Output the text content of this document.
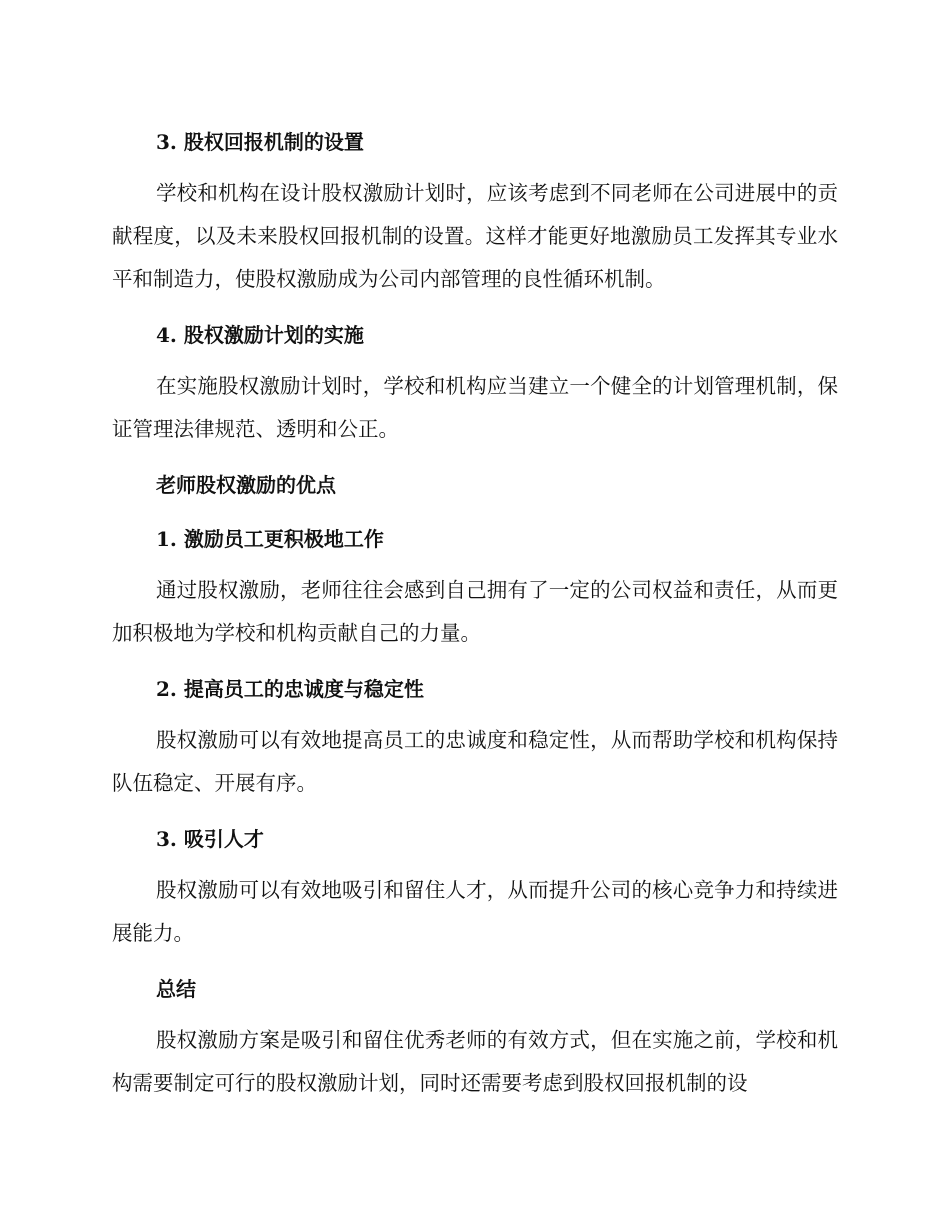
3. 股权回报机制的设置

学校和机构在设计股权激励计划时，应该考虑到不同老师在公司进展中的贡献程度，以及未来股权回报机制的设置。这样才能更好地激励员工发挥其专业水平和制造力，使股权激励成为公司内部管理的良性循环机制。

4. 股权激励计划的实施

在实施股权激励计划时，学校和机构应当建立一个健全的计划管理机制，保证管理法律规范、透明和公正。

老师股权激励的优点
1. 激励员工更积极地工作

通过股权激励，老师往往会感到自己拥有了一定的公司权益和责任，从而更加积极地为学校和机构贡献自己的力量。

2. 提高员工的忠诚度与稳定性

股权激励可以有效地提高员工的忠诚度和稳定性，从而帮助学校和机构保持队伍稳定、开展有序。

3. 吸引人才

股权激励可以有效地吸引和留住人才，从而提升公司的核心竞争力和持续进展能力。

总结

股权激励方案是吸引和留住优秀老师的有效方式，但在实施之前，学校和机构需要制定可行的股权激励计划，同时还需要考虑到股权回报机制的设
